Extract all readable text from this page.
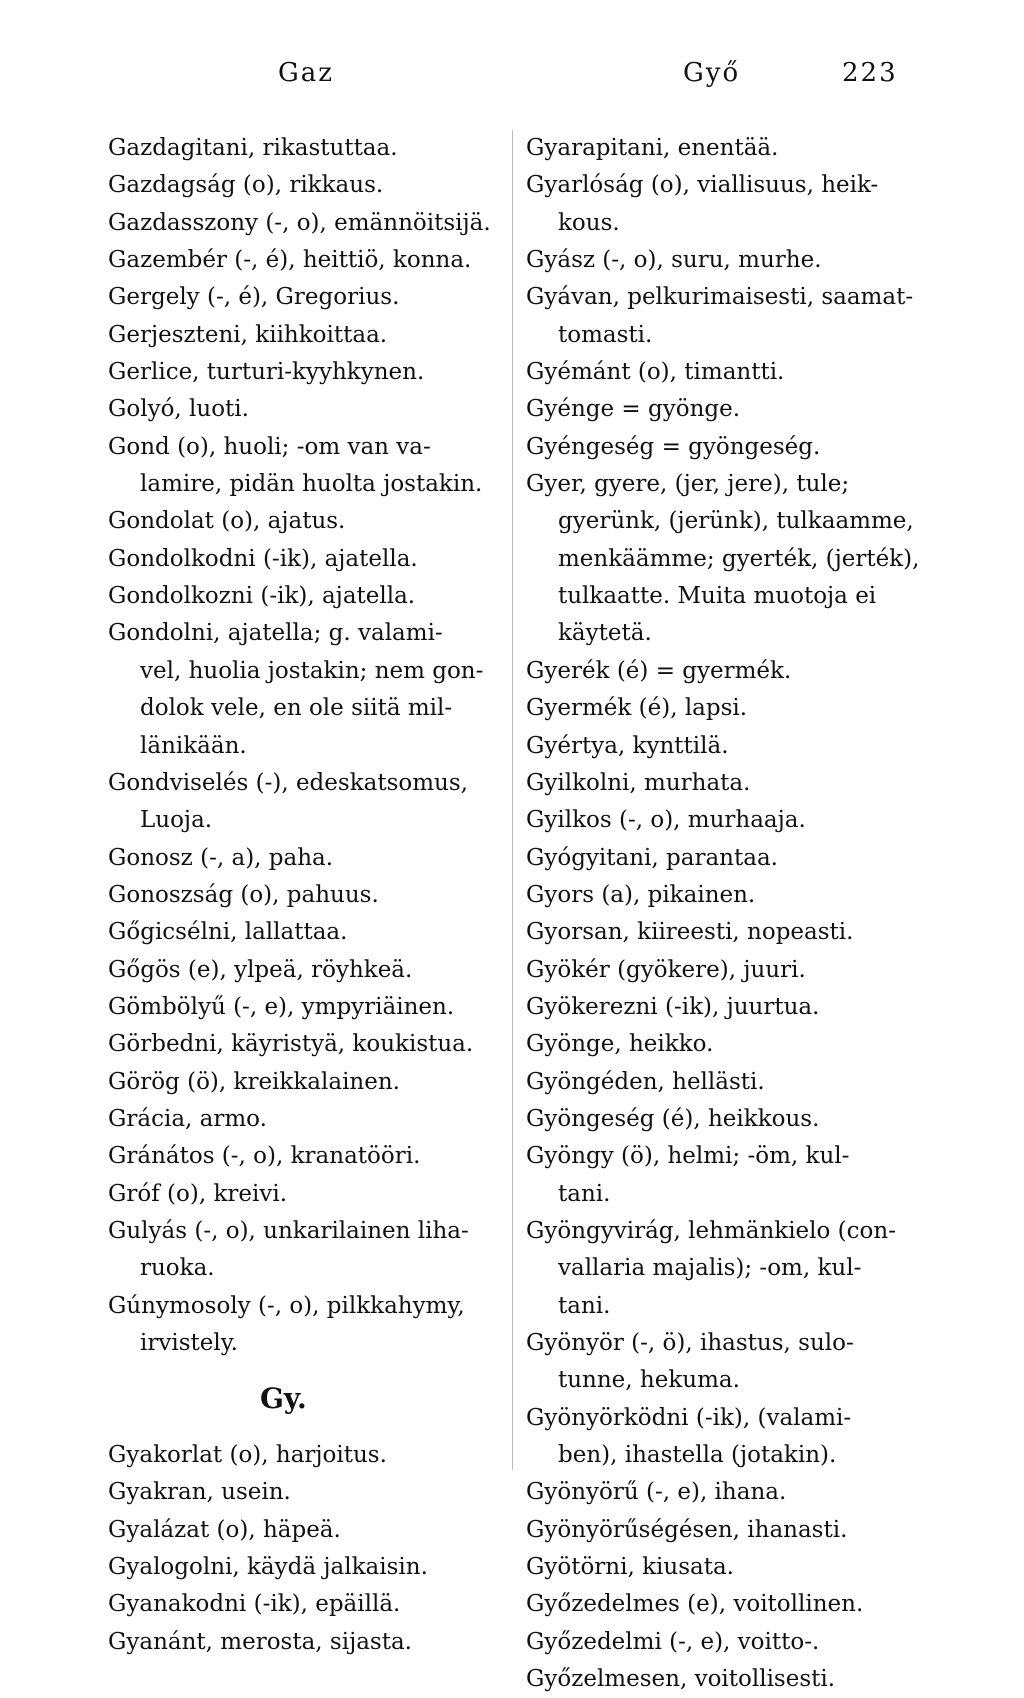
Gaz	Győ	223
Gazdagitani, rikastuttaa.
Gazdagság (o), rikkaus.
Gazdasszony (-, o), emännöitsijä.
Gazembér (-, é), heittiö, konna.
Gergely (-, é), Gregorius.
Gerjeszteni, kiihkoittaa.
Gerlice, turturi-kyyhkynen.
Golyó, luoti.
Gond (o), huoli; -om van va-
lamire, pidän huolta jostakin.
Gondolat (o), ajatus.
Gondolkodni (-ik), ajatella.
Gondolkozni (-ik), ajatella.
Gondolni, ajatella; g. valami-
vel, huolia jostakin; nem gon-
dolok vele, en ole siitä mil-
länikään.
Gondviselés (-), edeskatsomus,
Luoja.
Gonosz (-, a), paha.
Gonoszság (o), pahuus.
Gőgicsélni, lallattaa.
Gőgös (e), ylpeä, röyhkeä.
Gömbölyű (-, e), ympyriäinen.
Görbedni, käyristyä, koukistua.
Görög (ö), kreikkalainen.
Grácia, armo.
Gránátos (-, o), kranatööri.
Gróf (o), kreivi.
Gulyás (-, o), unkarilainen liha-
ruoka.
Gúnymosoly (-, o), pilkkahymy,
irvistely.
Gy.
Gyakorlat (o), harjoitus.
Gyakran, usein.
Gyalázat (o), häpeä.
Gyalogolni, käydä jalkaisin.
Gyanakodni (-ik), epäillä.
Gyanánt, merosta, sijasta.
Gyarapitani, enentää.
Gyarlóság (o), viallisuus, heik-
kous.
Gyász (-, o), suru, murhe.
Gyávan, pelkurimaisesti, saamat-
tomasti.
Gyémánt (o), timantti.
Gyénge = gyönge.
Gyéngeség = gyöngeség.
Gyer, gyere, (jer, jere), tule;
gyerünk, (jerünk), tulkaamme,
menkäämme; gyerték, (jerték),
tulkaatte. Muita muotoja ei
käytetä.
Gyerék (é) = gyermék.
Gyermék (é), lapsi.
Gyértya, kynttilä.
Gyilkolni, murhata.
Gyilkos (-, o), murhaaja.
Gyógyitani, parantaa.
Gyors (a), pikainen.
Gyorsan, kiireesti, nopeasti.
Gyökér (gyökere), juuri.
Gyökerezni (-ik), juurtua.
Gyönge, heikko.
Gyöngéden, hellästi.
Gyöngeség (é), heikkous.
Gyöngy (ö), helmi; -öm, kul-
tani.
Gyöngyvirág, lehmänkielo (con-
vallaria majalis); -om, kul-
tani.
Gyönyör (-, ö), ihastus, sulo-
tunne, hekuma.
Gyönyörködni (-ik), (valami-
ben), ihastella (jotakin).
Gyönyörű (-, e), ihana.
Gyönyörűségésen, ihanasti.
Gyötörni, kiusata.
Győzedelmes (e), voitollinen.
Győzedelmi (-, e), voitto-.
Győzelmesen, voitollisesti.
